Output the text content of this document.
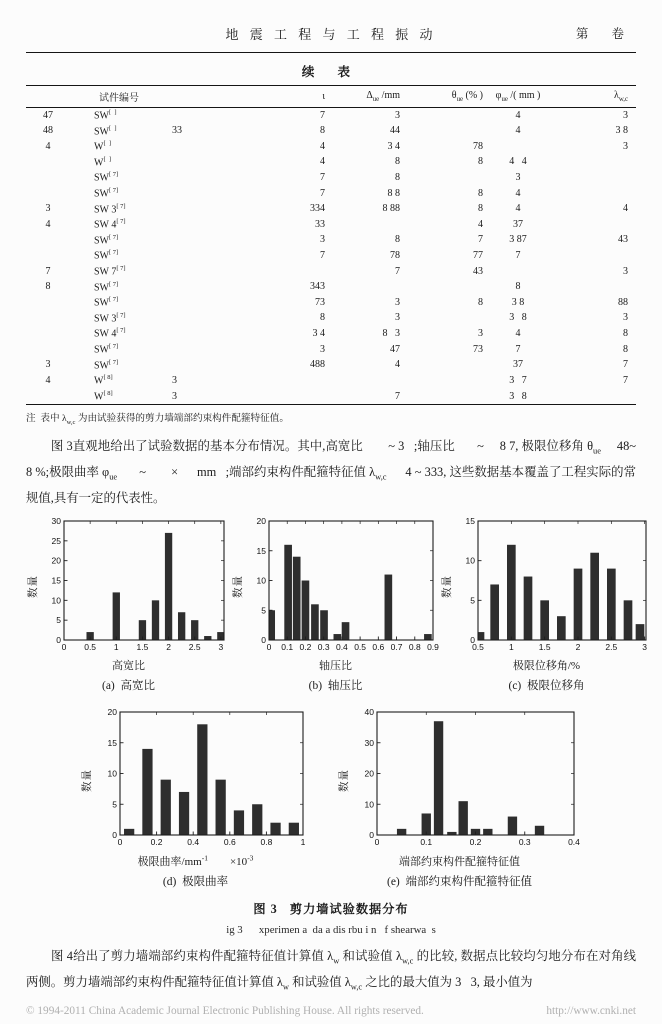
地 震 工 程 与 工 程 振 动	第 卷
续 表
试件编号			ι	$\Delta_{ue}$ /mm	$\theta_{ue}$ (% )	$\varphi_{ue}$ /( mm )	$\lambda_{w,c}$
47	SW[  ]		7	3		4	3
48	SW[  ]	33	8	44		4	3 8
4	W[  ]		4	3 4	78		3
	W[  ]		4	8	8	4   4	
	SW[ 7]		7	8		3	
	SW[ 7]		7	8 8	8	4	
3	SW 3[ 7]		334	8 88	8	4	4
4	SW 4[ 7]		33		4	37	
	SW[ 7]		3	8	7	3 87	43
	SW[ 7]		7	78	77	7	
7	SW 7[ 7]			7	43		3
8	SW[ 7]		343			8	
	SW[ 7]		73	3	8	3 8	88
	SW 3[ 7]		8	3		3   8	3
	SW 4[ 7]		3 4	8   3	3	4	8
	SW[ 7]		3	47	73	7	8
3	SW[ 7]		488	4		37	7
4	W[ 8]	3				3   7	7
	W[ 8]	3		7		3   8	
注  表中 $\lambda_{w,c}$ 为由试验获得的剪力墙端部约束构件配箍特征值。

图 3直观地给出了试验数据的基本分布情况。其中,高宽比        ~ 3   ;轴压比       ~     8 7, 极限位移角 $\theta_{ue}$     48~     8 %;极限曲率 $\varphi_{ue}$       ~        ×      mm   ;端部约束构件配箍特征值 $\lambda_{w,c}$      4 ~ 333, 这些数据基本覆盖了工程实际的常规值,具有一定的代表性。

数量
0 0.5 1 1.5 2 2.5 3
0
5
10
15
20
25
30
高宽比
(a)  高宽比
数量
0 0.1 0.2 0.3 0.4 0.5 0.6 0.7 0.8 0.9
0
5
10
15
20
轴压比
(b)  轴压比
数量
0.5	1	1.5	2	2.5	3
0
5
10
15
极限位移角/%
(c)  极限位移角
数量
0	0.2	0.4	0.6	0.8	1
0
5
10
15
20
极限曲率$/mm^{-1} \times 10^{-3}$
(d)  极限曲率
数量
0	0.1	0.2	0.3	0.4
0
10
20
30
40
端部约束构件配箍特征值
(e)  端部约束构件配箍特征值
图 3   剪力墙试验数据分布
ig 3      xperimen a  da a dis rbu i n   f shearwa  s

图 4给出了剪力墙端部约束构件配箍特征值计算值 $\lambda_w$ 和试验值 $\lambda_{w,c}$ 的比较, 数据点比较均匀地分布在对角线两侧。剪力墙端部约束构件配箍特征值计算值 $\lambda_w$ 和试验值 $\lambda_{w,c}$ 之比的最大值为 3   3, 最小值为

© 1994-2011 China Academic Journal Electronic Publishing House. All rights reserved.	http://www.cnki.net
